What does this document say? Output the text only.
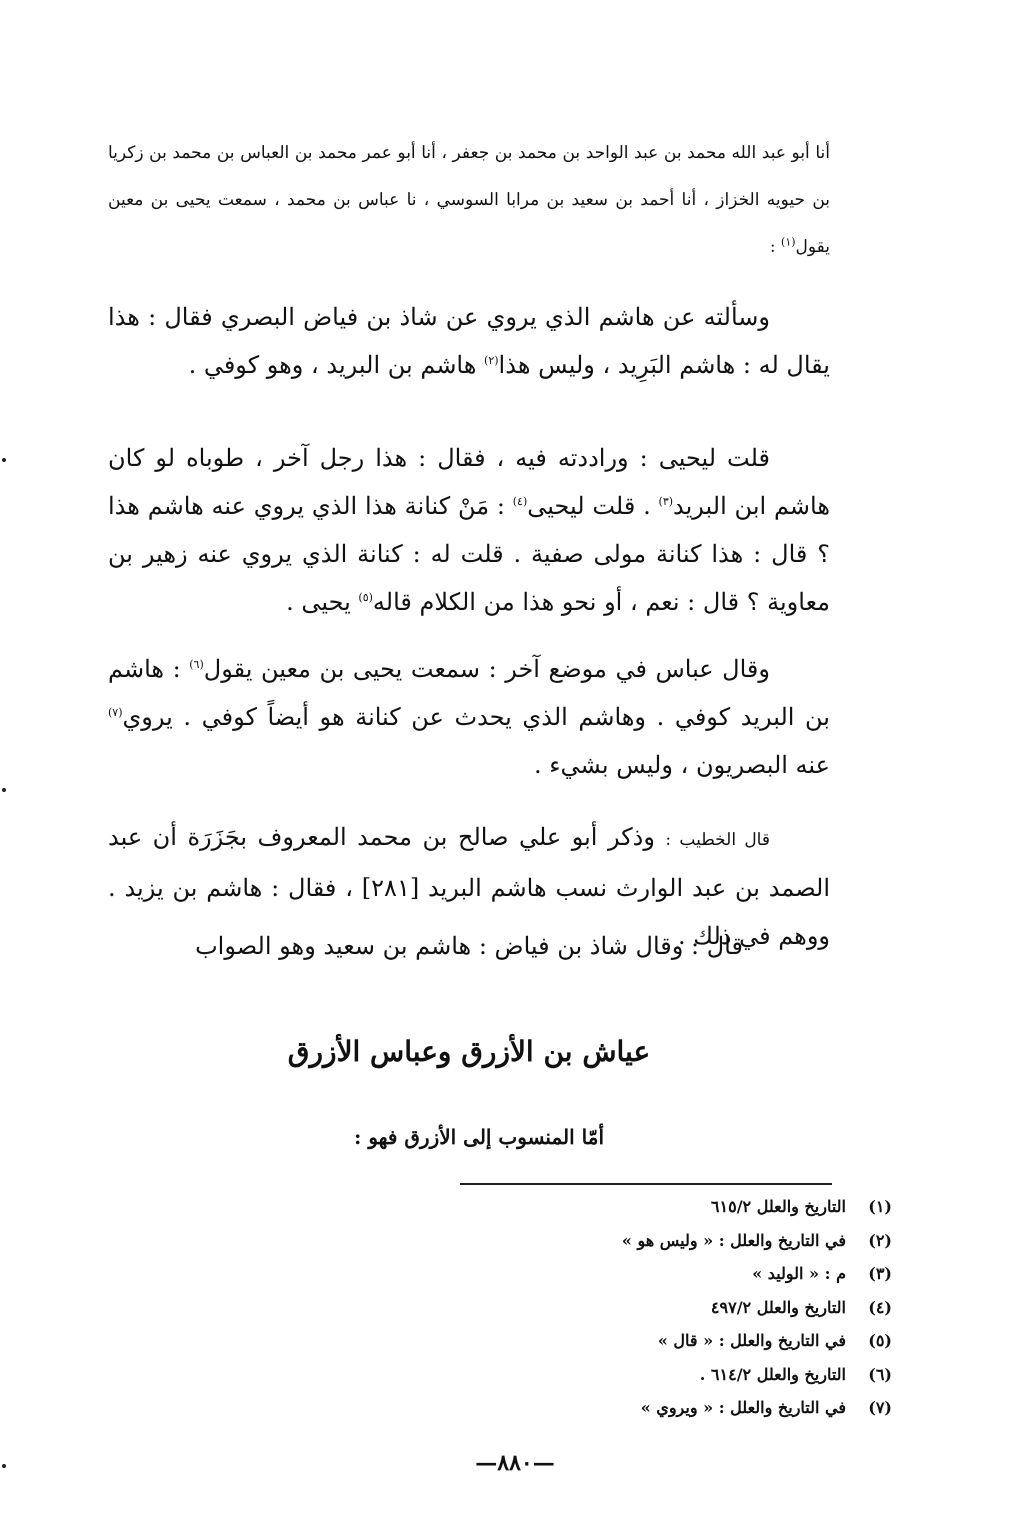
أنا أبو عبد الله محمد بن عبد الواحد بن محمد بن جعفر ، أنا أبو عمر محمد بن العباس بن محمد بن زكريا بن حيويه الخزاز ، أنا أحمد بن سعيد بن مرابا السوسي ، نا عباس بن محمد ، سمعت يحيى بن معين يقول$^{(١)}$ :
وسألته عن هاشم الذي يروي عن شاذ بن فياض البصري فقال : هذا يقال له : هاشم البَرِيد ، وليس هذا$^{(٢)}$ هاشم بن البريد ، وهو كوفي .
قلت ليحيى : وراددته فيه ، فقال : هذا رجل آخر ، طوباه لو كان هاشم ابن البريد$^{(٣)}$ . قلت ليحيى$^{(٤)}$ : مَنْ كنانة هذا الذي يروي عنه هاشم هذا ؟ قال : هذا كنانة مولى صفية . قلت له : كنانة الذي يروي عنه زهير بن معاوية ؟ قال : نعم ، أو نحو هذا من الكلام قاله$^{(٥)}$ يحيى .
وقال عباس في موضع آخر : سمعت يحيى بن معين يقول$^{(٦)}$ : هاشم بن البريد كوفي . وهاشم الذي يحدث عن كنانة هو أيضاً كوفي . يروي$^{(٧)}$ عنه البصريون ، وليس بشيء .
قال الخطيب : وذكر أبو علي صالح بن محمد المعروف بجَزَرَة أن عبد الصمد بن عبد الوارث نسب هاشم البريد [٢٨١] ، فقال : هاشم بن يزيد . ووهم في ذلك .
قال : وقال شاذ بن فياض : هاشم بن سعيد وهو الصواب
عياش بن الأزرق وعباس الأزرق
أمّا المنسوب إلى الأزرق فهو :
(١)التاريخ والعلل ٦١٥/٢
(٢)في التاريخ والعلل : « وليس هو »
(٣)م : « الوليد »
(٤)التاريخ والعلل ٤٩٧/٢
(٥)في التاريخ والعلل : « قال »
(٦)التاريخ والعلل ٦١٤/٢ .
(٧)في التاريخ والعلل : « ويروي »
—٨٨٠—
